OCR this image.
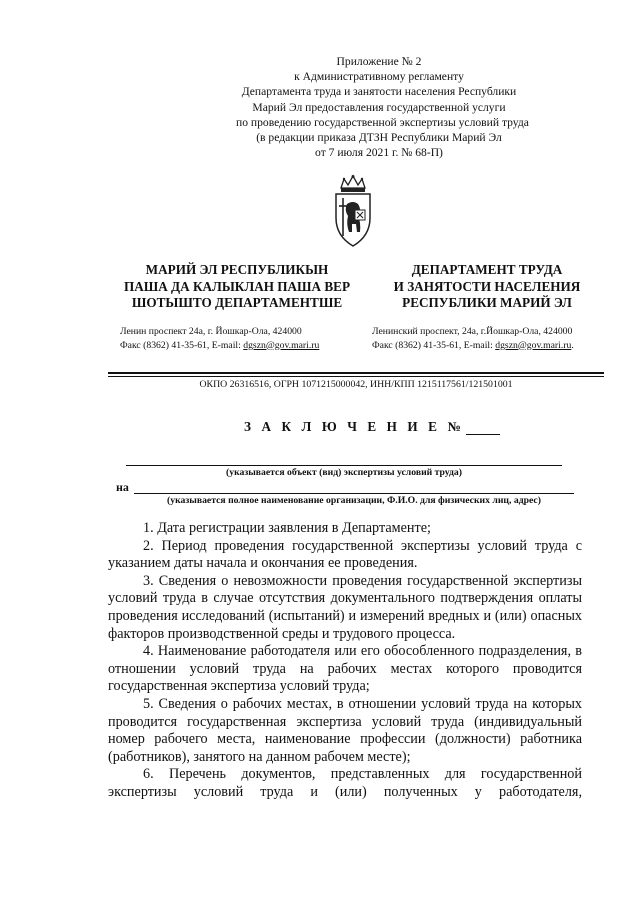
Приложение № 2
к Административному регламенту
Департамента труда и занятости населения Республики
Марий Эл предоставления государственной услуги
по проведению государственной экспертизы условий труда
(в редакции приказа ДТЗН Республики Марий Эл
от 7 июля 2021 г. № 68-П)
МАРИЙ ЭЛ РЕСПУБЛИКЫН
ПАША ДА КАЛЫКЛАН ПАША ВЕР
ШОТЫШТО ДЕПАРТАМЕНТШЕ
ДЕПАРТАМЕНТ ТРУДА
И ЗАНЯТОСТИ НАСЕЛЕНИЯ
РЕСПУБЛИКИ МАРИЙ ЭЛ
Ленин проспект 24а, г. Йошкар-Ола, 424000
Факс (8362) 41-35-61, E-mail: dgszn@gov.mari.ru
Ленинский проспект, 24а, г.Йошкар-Ола, 424000
Факс (8362) 41-35-61, E-mail: dgszn@gov.mari.ru.
ОКПО 26316516, ОГРН 1071215000042, ИНН/КПП 1215117561/121501001
З А К Л Ю Ч Е Н И Е №
(указывается объект (вид) экспертизы условий труда)
на
(указывается полное наименование организации, Ф.И.О. для физических лиц, адрес)

1. Дата регистрации заявления в Департаменте;

2. Период проведения государственной экспертизы условий труда с указанием даты начала и окончания ее проведения.

3. Сведения о невозможности проведения государственной экспертизы условий труда в случае отсутствия документального подтверждения оплаты проведения исследований (испытаний) и измерений вредных и (или) опасных факторов производственной среды и трудового процесса.

4. Наименование работодателя или его обособленного подразделения, в отношении условий труда на рабочих местах которого проводится государственная экспертиза условий труда;

5. Сведения о рабочих местах, в отношении условий труда на которых проводится государственная экспертиза условий труда (индивидуальный номер рабочего места, наименование профессии (должности) работника (работников), занятого на данном рабочем месте);

6. Перечень документов, представленных для государственной экспертизы условий труда и (или) полученных у работодателя,
